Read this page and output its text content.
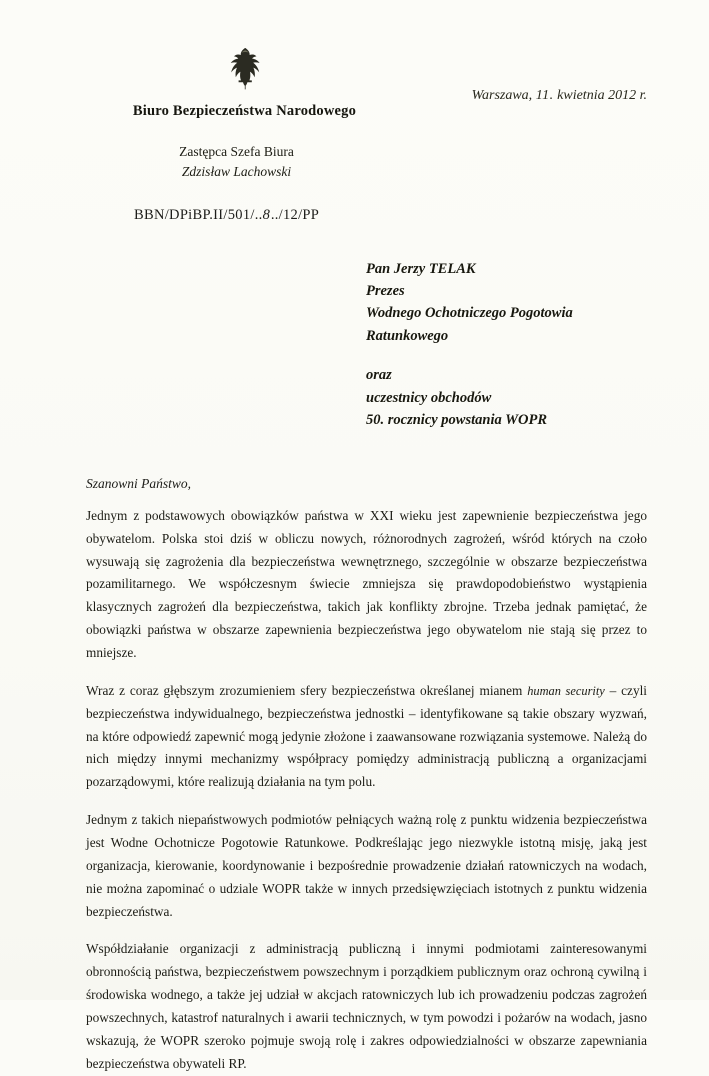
Biuro Bezpieczeństwa Narodowego
Warszawa, 11. kwietnia 2012 r.
Zastępca Szefa Biura
Zdzisław Lachowski
BBN/DPiBP.II/501/..8../12/PP
Pan Jerzy TELAK
Prezes
Wodnego Ochotniczego Pogotowia
Ratunkowego
oraz
uczestnicy obchodów
50. rocznicy powstania WOPR
Szanowni Państwo,

Jednym z podstawowych obowiązków państwa w XXI wieku jest zapewnienie bezpieczeństwa jego obywatelom. Polska stoi dziś w obliczu nowych, różnorodnych zagrożeń, wśród których na czoło wysuwają się zagrożenia dla bezpieczeństwa wewnętrznego, szczególnie w obszarze bezpieczeństwa pozamilitarnego. We współczesnym świecie zmniejsza się prawdopodobieństwo wystąpienia klasycznych zagrożeń dla bezpieczeństwa, takich jak konflikty zbrojne. Trzeba jednak pamiętać, że obowiązki państwa w obszarze zapewnienia bezpieczeństwa jego obywatelom nie stają się przez to mniejsze.

Wraz z coraz głębszym zrozumieniem sfery bezpieczeństwa określanej mianem human security – czyli bezpieczeństwa indywidualnego, bezpieczeństwa jednostki – identyfikowane są takie obszary wyzwań, na które odpowiedź zapewnić mogą jedynie złożone i zaawansowane rozwiązania systemowe. Należą do nich między innymi mechanizmy współpracy pomiędzy administracją publiczną a organizacjami pozarządowymi, które realizują działania na tym polu.

Jednym z takich niepaństwowych podmiotów pełniących ważną rolę z punktu widzenia bezpieczeństwa jest Wodne Ochotnicze Pogotowie Ratunkowe. Podkreślając jego niezwykle istotną misję, jaką jest organizacja, kierowanie, koordynowanie i bezpośrednie prowadzenie działań ratowniczych na wodach, nie można zapominać o udziale WOPR także w innych przedsięwzięciach istotnych z punktu widzenia bezpieczeństwa.

Współdziałanie organizacji z administracją publiczną i innymi podmiotami zainteresowanymi obronnością państwa, bezpieczeństwem powszechnym i porządkiem publicznym oraz ochroną cywilną i środowiska wodnego, a także jej udział w akcjach ratowniczych lub ich prowadzeniu podczas zagrożeń powszechnych, katastrof naturalnych i awarii technicznych, w tym powodzi i pożarów na wodach, jasno wskazują, że WOPR szeroko pojmuje swoją rolę i zakres odpowiedzialności w obszarze zapewniania bezpieczeństwa obywateli RP.
